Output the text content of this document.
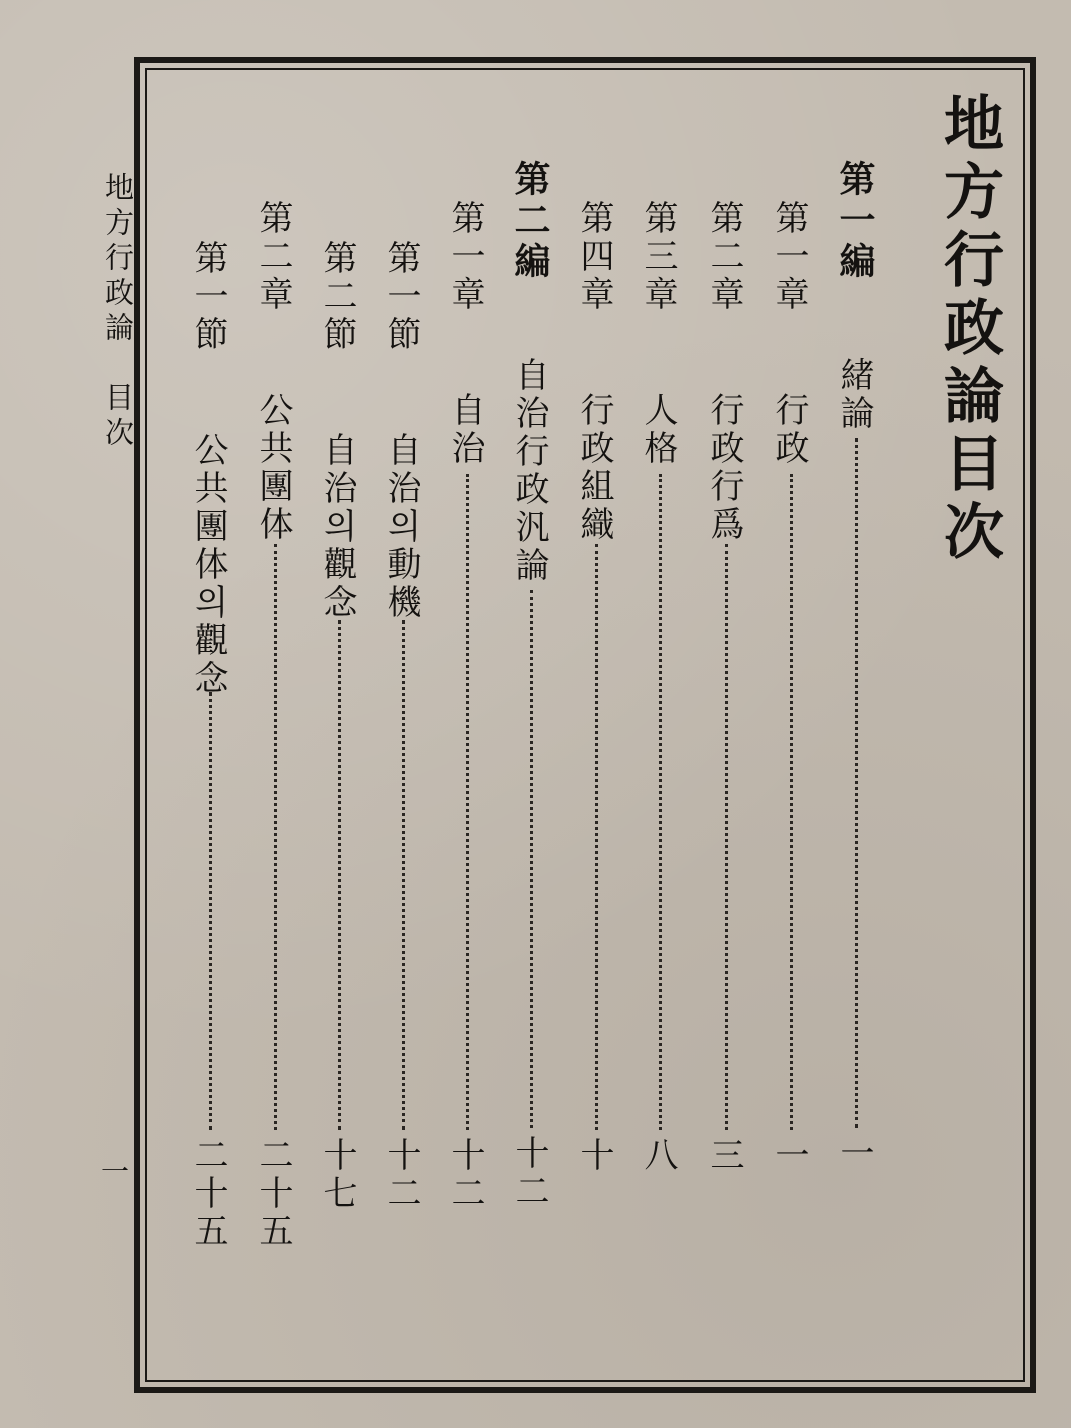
地方行政論目次
第一編
緒論
一
第一章
行政
一
第二章
行政行爲
三
第三章
人格
八
第四章
行政組織
十
第二編
自治行政汎論
十二
第一章
自治
十二
第一節
自治의動機
十二
第二節
自治의觀念
十七
第二章
公共團体
二十五
第一節
公共團体의觀念
二十五
地方行政論　目次
一
